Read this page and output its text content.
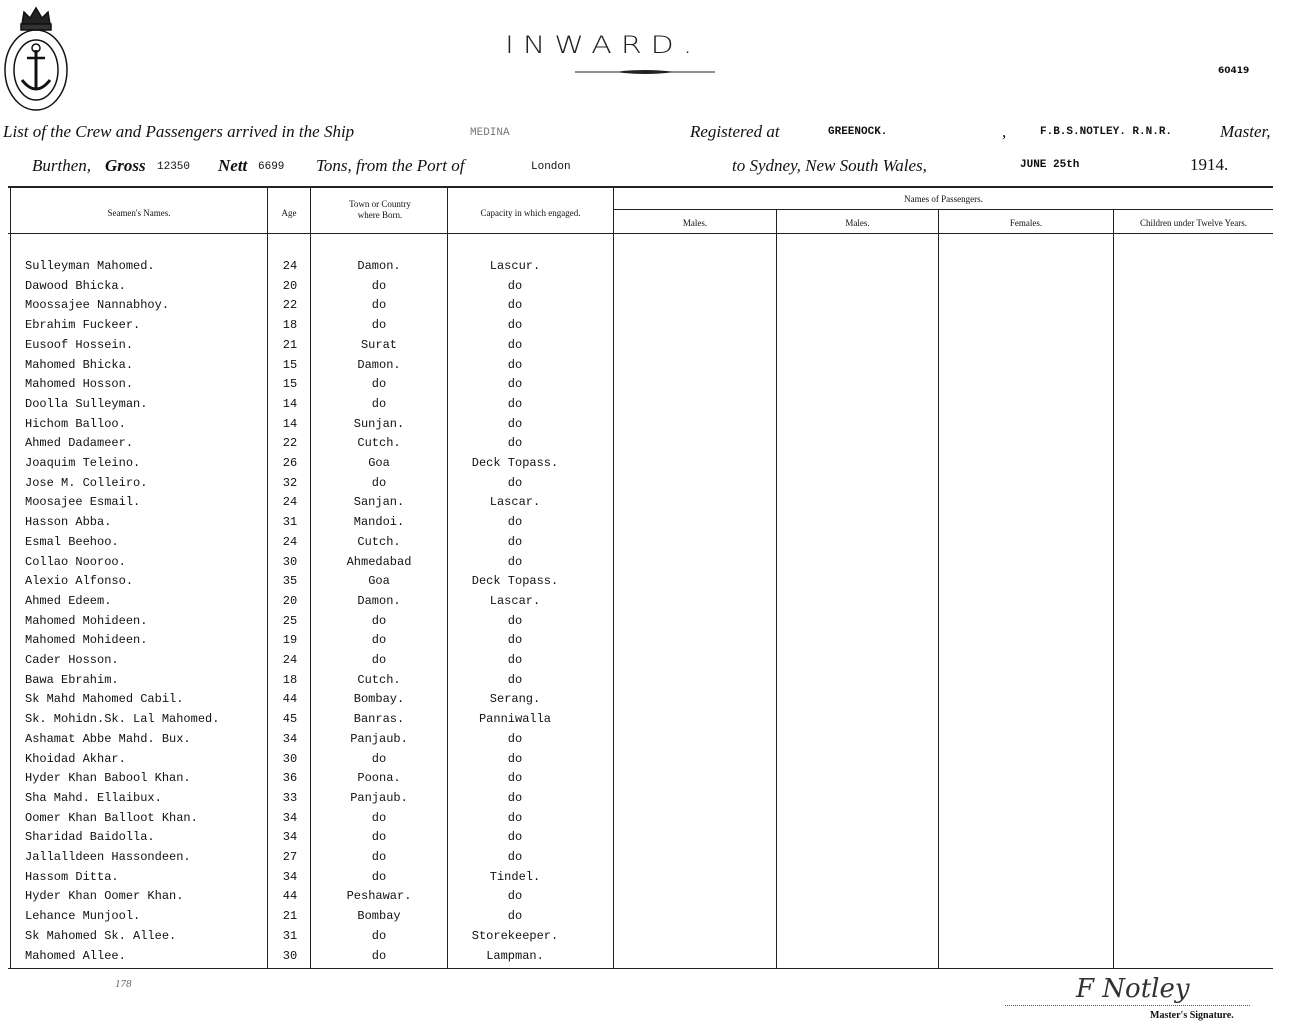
INWARD.
60419
List of the Crew and Passengers arrived in the Ship	MEDINA	Registered at	GREENOCK.	,	F.B.S.NOTLEY. R.N.R.	Master,
Burthen, Gross 12350 Nett 6699 Tons, from the Port of	London	to Sydney, New South Wales,	JUNE 25th	1914.
Seamen's Names.	Age
Town or Country where Born.	Capacity in which engaged.
Names of Passengers.
Males.	Males.	Females.	Children under Twelve Years.
Sulleyman Mahomed.	24	Damon.	Lascur.
Dawood Bhicka.	20	do	do
Moossajee Nannabhoy.	22	do	do
Ebrahim Fuckeer.	18	do	do
Eusoof Hossein.	21	Surat	do
Mahomed Bhicka.	15	Damon.	do
Mahomed Hosson.	15	do	do
Doolla Sulleyman.	14	do	do
Hichom Balloo.	14	Sunjan.	do
Ahmed Dadameer.	22	Cutch.	do
Joaquim Teleino.	26	Goa	Deck Topass.
Jose M. Colleiro.	32	do	do
Moosajee Esmail.	24	Sanjan.	Lascar.
Hasson Abba.	31	Mandoi.	do
Esmal Beehoo.	24	Cutch.	do
Collao Nooroo.	30	Ahmedabad	do
Alexio Alfonso.	35	Goa	Deck Topass.
Ahmed Edeem.	20	Damon.	Lascar.
Mahomed Mohideen.	25	do	do
Mahomed Mohideen.	19	do	do
Cader Hosson.	24	do	do
Bawa Ebrahim.	18	Cutch.	do
Sk Mahd Mahomed Cabil.	44	Bombay.	Serang.
Sk. Mohidn.Sk. Lal Mahomed.	45	Banras.	Panniwalla
Ashamat Abbe Mahd. Bux.	34	Panjaub.	do
Khoidad Akhar.	30	do	do
Hyder Khan Babool Khan.	36	Poona.	do
Sha Mahd. Ellaibux.	33	Panjaub.	do
Oomer Khan Balloot Khan.	34	do	do
Sharidad Baidolla.	34	do	do
Jallalldeen Hassondeen.	27	do	do
Hassom Ditta.	34	do	Tindel.
Hyder Khan Oomer Khan.	44	Peshawar.	do
Lehance Munjool.	21	Bombay	do
Sk Mahomed Sk. Allee.	31	do	Storekeeper.
Mahomed Allee.	30	do	Lampman.
178	F Notley
Master's Signature.
